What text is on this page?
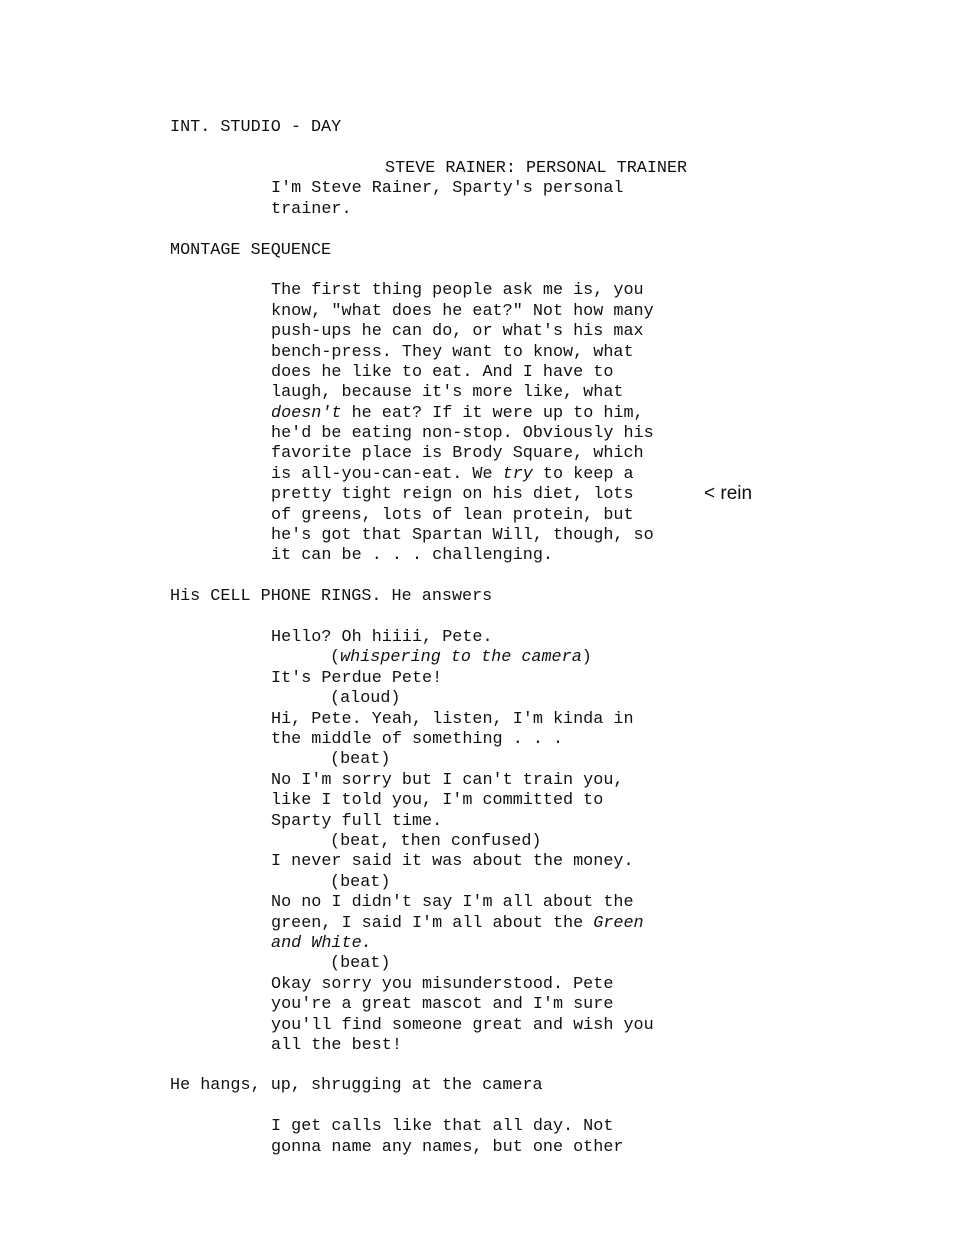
INT. STUDIO - DAY
STEVE RAINER: PERSONAL TRAINER
I'm Steve Rainer, Sparty's personal
trainer.
MONTAGE SEQUENCE
The first thing people ask me is, you
know, "what does he eat?" Not how many
push-ups he can do, or what's his max
bench-press. They want to know, what
does he like to eat. And I have to
laugh, because it's more like, what
doesn't he eat? If it were up to him,
he'd be eating non-stop. Obviously his
favorite place is Brody Square, which
is all-you-can-eat. We try to keep a
pretty tight reign on his diet, lots
of greens, lots of lean protein, but
he's got that Spartan Will, though, so
it can be . . . challenging.
< rein
His CELL PHONE RINGS. He answers
Hello? Oh hiiii, Pete.
(whispering to the camera)
It's Perdue Pete!
(aloud)
Hi, Pete. Yeah, listen, I'm kinda in
the middle of something . . .
(beat)
No I'm sorry but I can't train you,
like I told you, I'm committed to
Sparty full time.
(beat, then confused)
I never said it was about the money.
(beat)
No no I didn't say I'm all about the
green, I said I'm all about the Green
and White.
(beat)
Okay sorry you misunderstood. Pete
you're a great mascot and I'm sure
you'll find someone great and wish you
all the best!
He hangs, up, shrugging at the camera
I get calls like that all day. Not
gonna name any names, but one other
